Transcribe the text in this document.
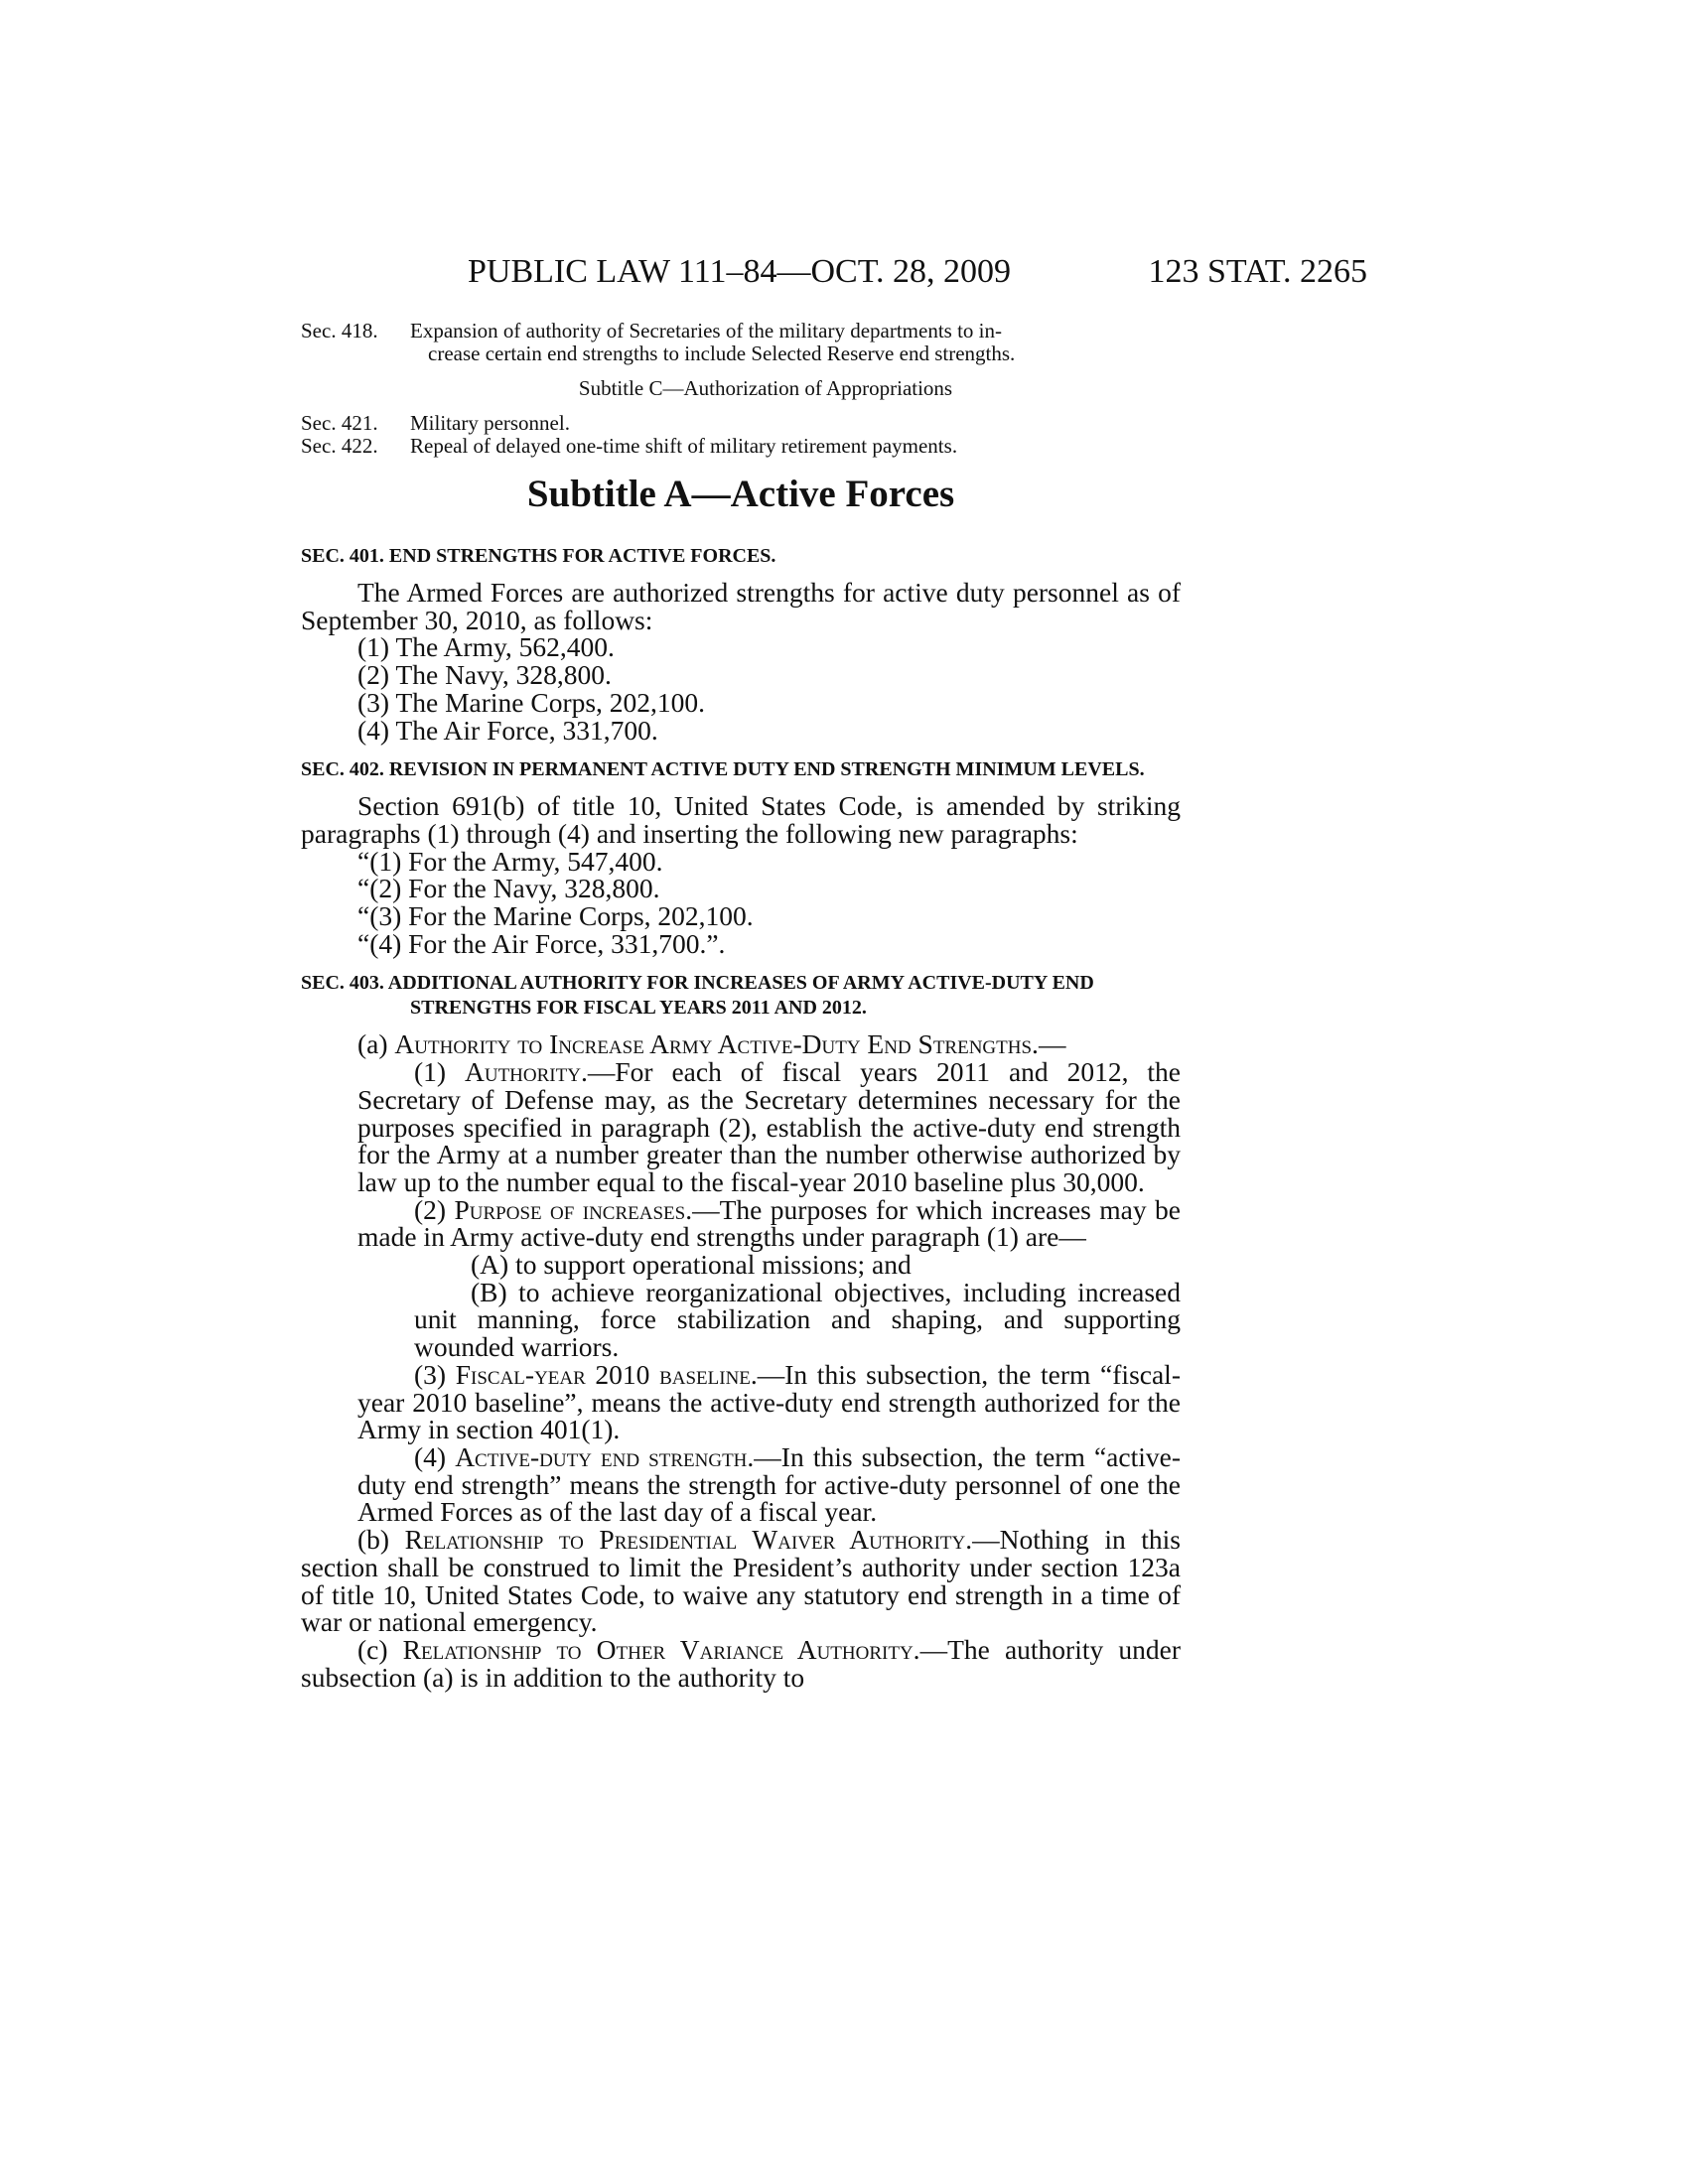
PUBLIC LAW 111–84—OCT. 28, 2009	123 STAT. 2265
Sec. 418.	Expansion of authority of Secretaries of the military departments to in-
crease certain end strengths to include Selected Reserve end strengths.
Subtitle C—Authorization of Appropriations
Sec. 421.	Military personnel.
Sec. 422.	Repeal of delayed one-time shift of military retirement payments.
Subtitle A—Active Forces
SEC. 401. END STRENGTHS FOR ACTIVE FORCES.

The Armed Forces are authorized strengths for active duty personnel as of September 30, 2010, as follows:

(1) The Army, 562,400.

(2) The Navy, 328,800.

(3) The Marine Corps, 202,100.

(4) The Air Force, 331,700.

SEC. 402. REVISION IN PERMANENT ACTIVE DUTY END STRENGTH MINIMUM LEVELS.

Section 691(b) of title 10, United States Code, is amended by striking paragraphs (1) through (4) and inserting the following new paragraphs:

“(1) For the Army, 547,400.

“(2) For the Navy, 328,800.

“(3) For the Marine Corps, 202,100.

“(4) For the Air Force, 331,700.”.

SEC. 403. ADDITIONAL AUTHORITY FOR INCREASES OF ARMY ACTIVE-DUTY END STRENGTHS FOR FISCAL YEARS 2011 AND 2012.

(a) Authority to Increase Army Active-Duty End Strengths.—

(1) Authority.—For each of fiscal years 2011 and 2012, the Secretary of Defense may, as the Secretary determines necessary for the purposes specified in paragraph (2), establish the active-duty end strength for the Army at a number greater than the number otherwise authorized by law up to the number equal to the fiscal-year 2010 baseline plus 30,000.

(2) Purpose of increases.—The purposes for which increases may be made in Army active-duty end strengths under paragraph (1) are—

(A) to support operational missions; and

(B) to achieve reorganizational objectives, including increased unit manning, force stabilization and shaping, and supporting wounded warriors.

(3) Fiscal-year 2010 baseline.—In this subsection, the term “fiscal-year 2010 baseline”, means the active-duty end strength authorized for the Army in section 401(1).

(4) Active-duty end strength.—In this subsection, the term “active-duty end strength” means the strength for active-duty personnel of one the Armed Forces as of the last day of a fiscal year.

(b) Relationship to Presidential Waiver Authority.—Nothing in this section shall be construed to limit the President’s authority under section 123a of title 10, United States Code, to waive any statutory end strength in a time of war or national emergency.

(c) Relationship to Other Variance Authority.—The authority under subsection (a) is in addition to the authority to
